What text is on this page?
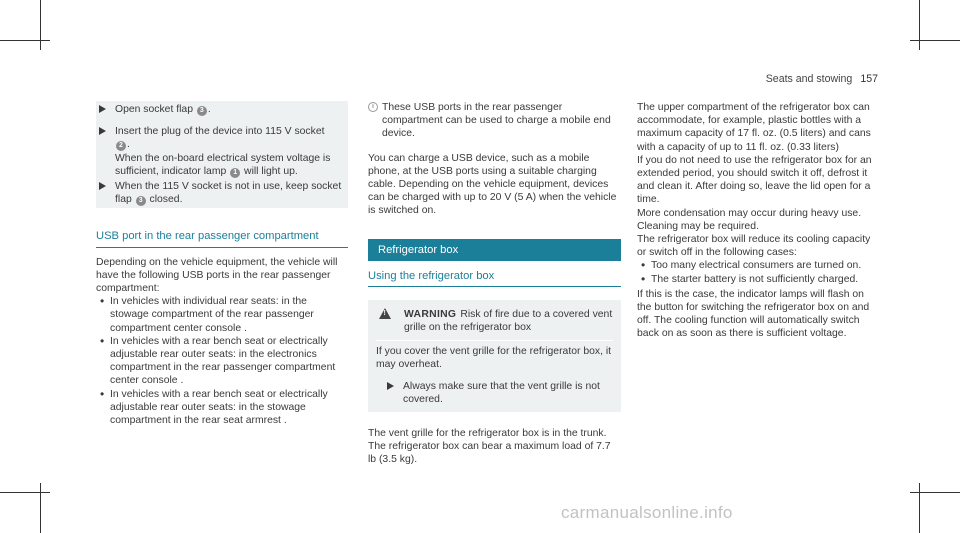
Seats and stowing 157
Open socket flap 3 .
Insert the plug of the device into 115 V socket
2 .
When the on-board electrical system voltage is sufficient, indicator lamp 1 will light up.
When the 115 V socket is not in use, keep socket flap 3 closed.
USB port in the rear passenger compartment

Depending on the vehicle equipment, the vehicle will have the following USB ports in the rear passenger compartment:

• In vehicles with individual rear seats: in the stowage compartment of the rear passenger compartment center console .
• In vehicles with a rear bench seat or electrically adjustable rear outer seats: in the electronics compartment in the rear passenger compartment center console .
• In vehicles with a rear bench seat or electrically adjustable rear outer seats: in the stowage compartment in the rear seat armrest .
i These USB ports in the rear passenger compartment can be used to charge a mobile end device.

You can charge a USB device, such as a mobile phone, at the USB ports using a suitable charging cable. Depending on the vehicle equipment, devices can be charged with up to 20 V (5 A) when the vehicle is switched on.

Refrigerator box
Using the refrigerator box
!
WARNING Risk of fire due to a covered vent grille on the refrigerator box

If you cover the vent grille for the refrigerator box, it may overheat.

Always make sure that the vent grille is not covered.

The vent grille for the refrigerator box is in the trunk.

The refrigerator box can bear a maximum load of 7.7 lb (3.5 kg).

The upper compartment of the refrigerator box can accommodate, for example, plastic bottles with a maximum capacity of 17 fl. oz. (0.5 liters) and cans with a capacity of up to 11 fl. oz. (0.33 liters)

If you do not need to use the refrigerator box for an extended period, you should switch it off, defrost it and clean it. After doing so, leave the lid open for a time.

More condensation may occur during heavy use. Cleaning may be required.

The refrigerator box will reduce its cooling capacity or switch off in the following cases:

• Too many electrical consumers are turned on.
• The starter battery is not sufficiently charged.

If this is the case, the indicator lamps will flash on the button for switching the refrigerator box on and off. The cooling function will automatically switch back on as soon as there is sufficient voltage.

carmanualsonline.info
